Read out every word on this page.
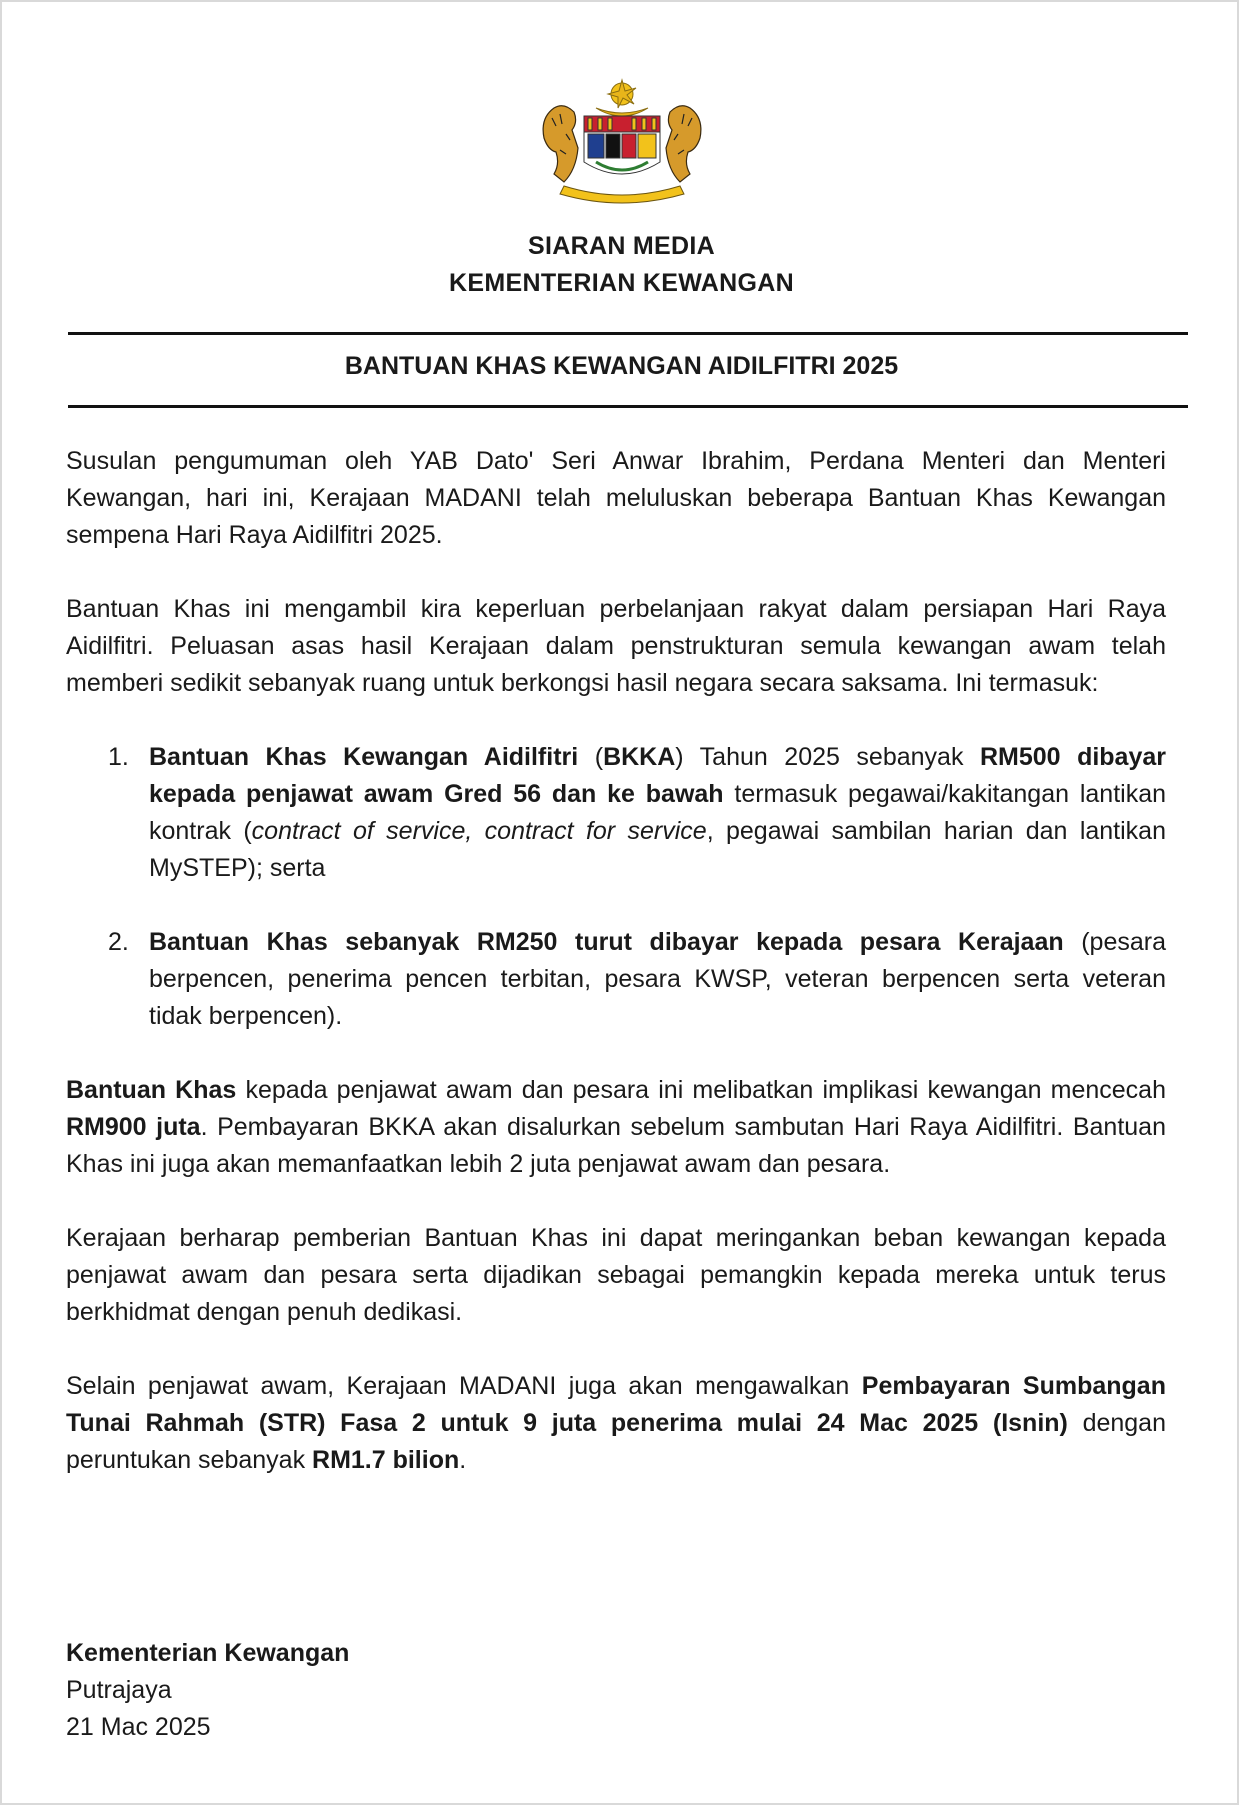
SIARAN MEDIA
KEMENTERIAN KEWANGAN
BANTUAN KHAS KEWANGAN AIDILFITRI 2025

Susulan pengumuman oleh YAB Dato' Seri Anwar Ibrahim, Perdana Menteri dan Menteri Kewangan, hari ini, Kerajaan MADANI telah meluluskan beberapa Bantuan Khas Kewangan sempena Hari Raya Aidilfitri 2025.

Bantuan Khas ini mengambil kira keperluan perbelanjaan rakyat dalam persiapan Hari Raya Aidilfitri. Peluasan asas hasil Kerajaan dalam penstrukturan semula kewangan awam telah memberi sedikit sebanyak ruang untuk berkongsi hasil negara secara saksama. Ini termasuk:

1. Bantuan Khas Kewangan Aidilfitri (BKKA) Tahun 2025 sebanyak RM500 dibayar kepada penjawat awam Gred 56 dan ke bawah termasuk pegawai/kakitangan lantikan kontrak (contract of service, contract for service, pegawai sambilan harian dan lantikan MySTEP); serta
2. Bantuan Khas sebanyak RM250 turut dibayar kepada pesara Kerajaan (pesara berpencen, penerima pencen terbitan, pesara KWSP, veteran berpencen serta veteran tidak berpencen).

Bantuan Khas kepada penjawat awam dan pesara ini melibatkan implikasi kewangan mencecah RM900 juta. Pembayaran BKKA akan disalurkan sebelum sambutan Hari Raya Aidilfitri. Bantuan Khas ini juga akan memanfaatkan lebih 2 juta penjawat awam dan pesara.

Kerajaan berharap pemberian Bantuan Khas ini dapat meringankan beban kewangan kepada penjawat awam dan pesara serta dijadikan sebagai pemangkin kepada mereka untuk terus berkhidmat dengan penuh dedikasi.

Selain penjawat awam, Kerajaan MADANI juga akan mengawalkan Pembayaran Sumbangan Tunai Rahmah (STR) Fasa 2 untuk 9 juta penerima mulai 24 Mac 2025 (Isnin) dengan peruntukan sebanyak RM1.7 bilion.

Kementerian Kewangan
Putrajaya
21 Mac 2025
